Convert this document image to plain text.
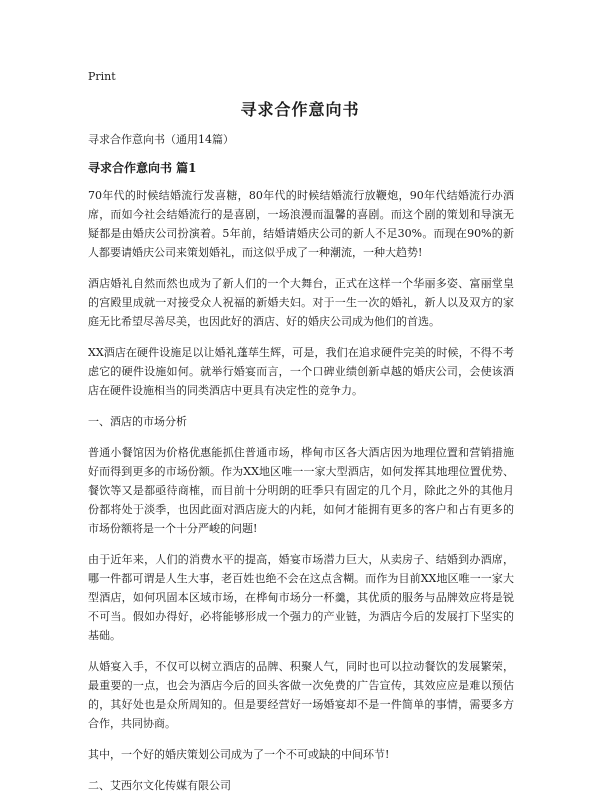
Print
寻求合作意向书

寻求合作意向书（通用14篇）

寻求合作意向书 篇1

70年代的时候结婚流行发喜糖，80年代的时候结婚流行放鞭炮，90年代结婚流行办酒席，而如今社会结婚流行的是喜剧，一场浪漫而温馨的喜剧。而这个剧的策划和导演无疑都是由婚庆公司扮演着。5年前，结婚请婚庆公司的新人不足30%。而现在90%的新人都要请婚庆公司来策划婚礼，而这似乎成了一种潮流，一种大趋势!

酒店婚礼自然而然也成为了新人们的一个大舞台，正式在这样一个华丽多姿、富丽堂皇的宫殿里成就一对接受众人祝福的新婚夫妇。对于一生一次的婚礼，新人以及双方的家庭无比希望尽善尽美，也因此好的酒店、好的婚庆公司成为他们的首选。

XX酒店在硬件设施足以让婚礼蓬荜生辉，可是，我们在追求硬件完美的时候，不得不考虑它的硬件设施如何。就举行婚宴而言，一个口碑业绩创新卓越的婚庆公司，会使该酒店在硬件设施相当的同类酒店中更具有决定性的竞争力。

一、酒店的市场分析

普通小餐馆因为价格优惠能抓住普通市场，桦甸市区各大酒店因为地理位置和营销措施好而得到更多的市场份额。作为XX地区唯一一家大型酒店，如何发挥其地理位置优势、餐饮等又是都亟待商榷，而目前十分明朗的旺季只有固定的几个月，除此之外的其他月份都将处于淡季，也因此面对酒店庞大的内耗，如何才能拥有更多的客户和占有更多的市场份额将是一个十分严峻的问题!

由于近年来，人们的消费水平的提高，婚宴市场潜力巨大，从卖房子、结婚到办酒席，哪一件都可谓是人生大事，老百姓也绝不会在这点含糊。而作为目前XX地区唯一一家大型酒店，如何巩固本区域市场，在桦甸市场分一杯羹，其优质的服务与品牌效应将是锐不可当。假如办得好，必将能够形成一个强力的产业链，为酒店今后的发展打下坚实的基础。

从婚宴入手，不仅可以树立酒店的品牌、积聚人气，同时也可以拉动餐饮的发展繁荣，最重要的一点，也会为酒店今后的回头客做一次免费的广告宣传，其效应应是难以预估的，其好处也是众所周知的。但是要经营好一场婚宴却不是一件简单的事情，需要多方合作，共同协商。

其中，一个好的婚庆策划公司成为了一个不可或缺的中间环节!

二、艾西尔文化传媒有限公司
